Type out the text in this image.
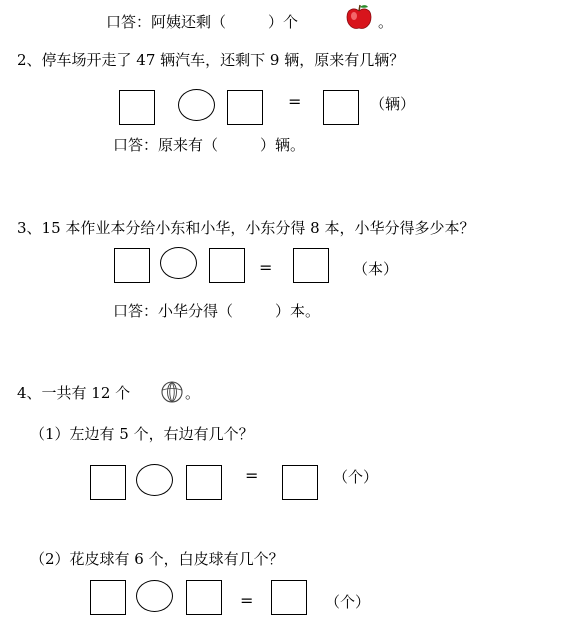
口答：阿姨还剩（	）个	。
2、停车场开走了 47 辆汽车，还剩下 9 辆，原来有几辆？
=	（辆）
口答：原来有（	）辆。
3、15 本作业本分给小东和小华，小东分得 8 本，小华分得多少本？
=	（本）
口答：小华分得（	）本。
4、一共有 12 个	。
（1）左边有 5 个，右边有几个？
=	（个）
（2）花皮球有 6 个，白皮球有几个？
=	（个）
